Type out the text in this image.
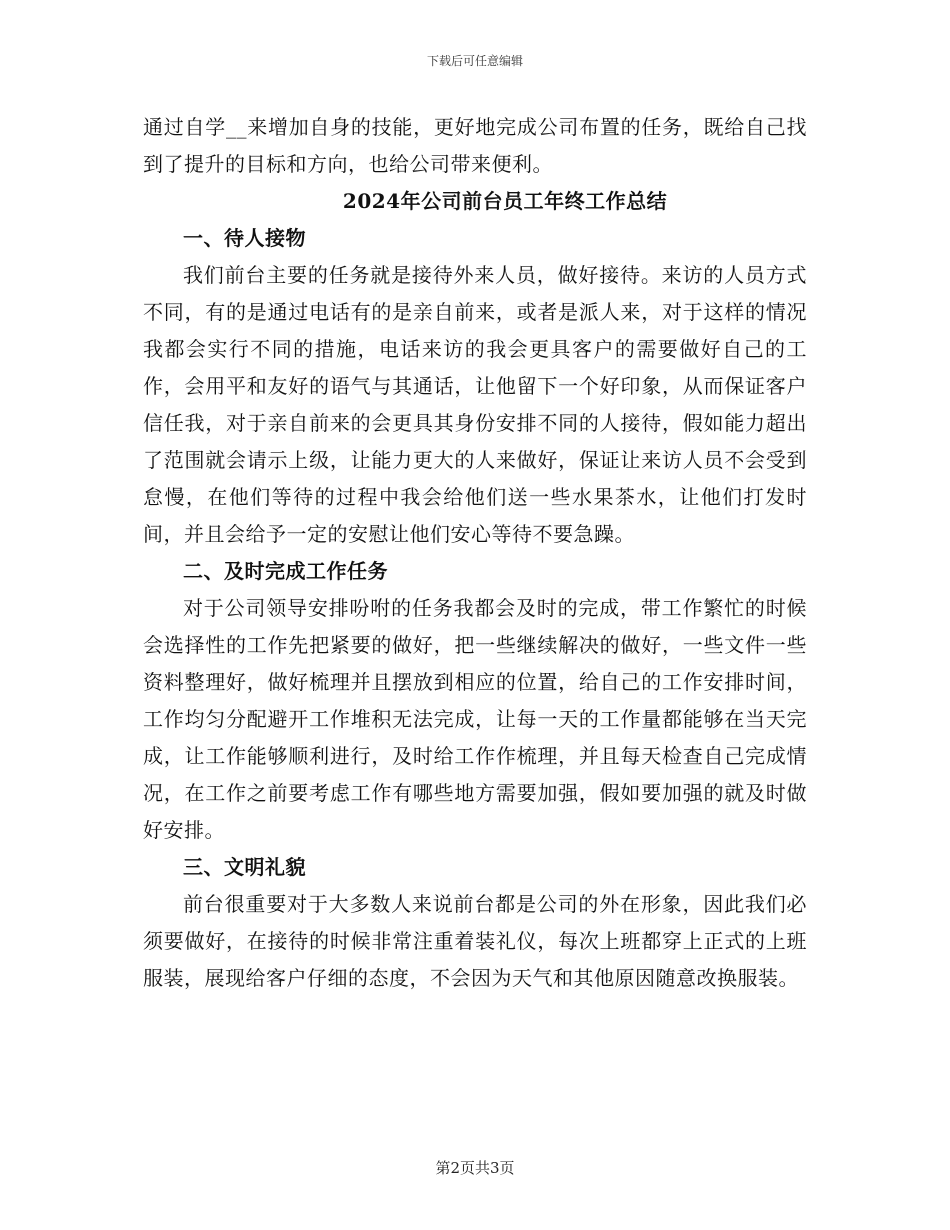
下载后可任意编辑

通过自学__来增加自身的技能，更好地完成公司布置的任务，既给自己找到了提升的目标和方向，也给公司带来便利。

2024年公司前台员工年终工作总结

一、待人接物

我们前台主要的任务就是接待外来人员，做好接待。来访的人员方式不同，有的是通过电话有的是亲自前来，或者是派人来，对于这样的情况我都会实行不同的措施，电话来访的我会更具客户的需要做好自己的工作，会用平和友好的语气与其通话，让他留下一个好印象，从而保证客户信任我，对于亲自前来的会更具其身份安排不同的人接待，假如能力超出了范围就会请示上级，让能力更大的人来做好，保证让来访人员不会受到怠慢，在他们等待的过程中我会给他们送一些水果茶水，让他们打发时间，并且会给予一定的安慰让他们安心等待不要急躁。

二、及时完成工作任务

对于公司领导安排吩咐的任务我都会及时的完成，带工作繁忙的时候会选择性的工作先把紧要的做好，把一些继续解决的做好，一些文件一些资料整理好，做好梳理并且摆放到相应的位置，给自己的工作安排时间，工作均匀分配避开工作堆积无法完成，让每一天的工作量都能够在当天完成，让工作能够顺利进行，及时给工作作梳理，并且每天检查自己完成情况，在工作之前要考虑工作有哪些地方需要加强，假如要加强的就及时做好安排。

三、文明礼貌

前台很重要对于大多数人来说前台都是公司的外在形象，因此我们必须要做好，在接待的时候非常注重着装礼仪，每次上班都穿上正式的上班服装，展现给客户仔细的态度，不会因为天气和其他原因随意改换服装。

第2页共3页
